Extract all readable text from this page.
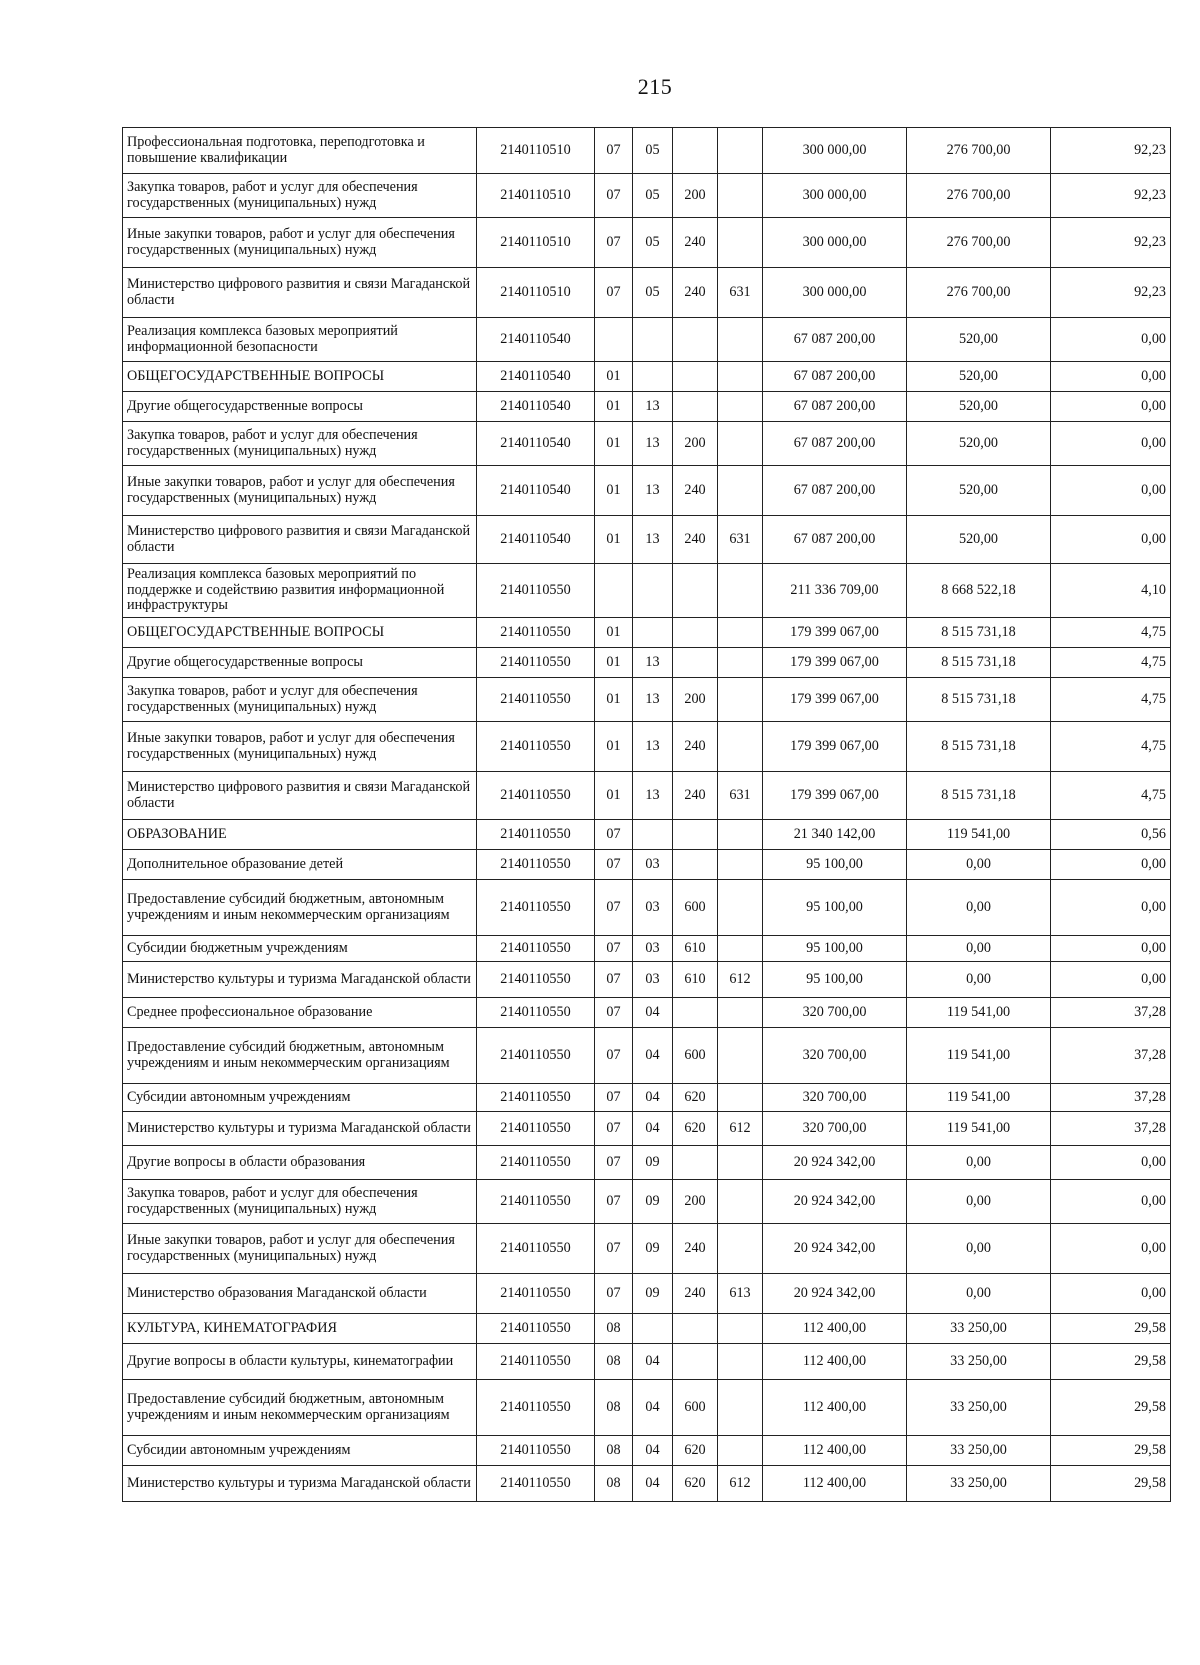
215
Профессиональная подготовка, переподготовка и повышение квалификации	2140110510	07	05			300 000,00	276 700,00	92,23
Закупка товаров, работ и услуг для обеспечения государственных (муниципальных) нужд	2140110510	07	05	200		300 000,00	276 700,00	92,23
Иные закупки товаров, работ и услуг для обеспечения государственных (муниципальных) нужд	2140110510	07	05	240		300 000,00	276 700,00	92,23
Министерство цифрового развития и связи Магаданской области	2140110510	07	05	240	631	300 000,00	276 700,00	92,23
Реализация комплекса базовых мероприятий информационной безопасности	2140110540					67 087 200,00	520,00	0,00
ОБЩЕГОСУДАРСТВЕННЫЕ ВОПРОСЫ	2140110540	01				67 087 200,00	520,00	0,00
Другие общегосударственные вопросы	2140110540	01	13			67 087 200,00	520,00	0,00
Закупка товаров, работ и услуг для обеспечения государственных (муниципальных) нужд	2140110540	01	13	200		67 087 200,00	520,00	0,00
Иные закупки товаров, работ и услуг для обеспечения государственных (муниципальных) нужд	2140110540	01	13	240		67 087 200,00	520,00	0,00
Министерство цифрового развития и связи Магаданской области	2140110540	01	13	240	631	67 087 200,00	520,00	0,00
Реализация комплекса базовых мероприятий по поддержке и содействию развития информационной инфраструктуры	2140110550					211 336 709,00	8 668 522,18	4,10
ОБЩЕГОСУДАРСТВЕННЫЕ ВОПРОСЫ	2140110550	01				179 399 067,00	8 515 731,18	4,75
Другие общегосударственные вопросы	2140110550	01	13			179 399 067,00	8 515 731,18	4,75
Закупка товаров, работ и услуг для обеспечения государственных (муниципальных) нужд	2140110550	01	13	200		179 399 067,00	8 515 731,18	4,75
Иные закупки товаров, работ и услуг для обеспечения государственных (муниципальных) нужд	2140110550	01	13	240		179 399 067,00	8 515 731,18	4,75
Министерство цифрового развития и связи Магаданской области	2140110550	01	13	240	631	179 399 067,00	8 515 731,18	4,75
ОБРАЗОВАНИЕ	2140110550	07				21 340 142,00	119 541,00	0,56
Дополнительное образование детей	2140110550	07	03			95 100,00	0,00	0,00
Предоставление субсидий бюджетным, автономным учреждениям и иным некоммерческим организациям	2140110550	07	03	600		95 100,00	0,00	0,00
Субсидии бюджетным учреждениям	2140110550	07	03	610		95 100,00	0,00	0,00
Министерство культуры и туризма Магаданской области	2140110550	07	03	610	612	95 100,00	0,00	0,00
Среднее профессиональное образование	2140110550	07	04			320 700,00	119 541,00	37,28
Предоставление субсидий бюджетным, автономным учреждениям и иным некоммерческим организациям	2140110550	07	04	600		320 700,00	119 541,00	37,28
Субсидии автономным учреждениям	2140110550	07	04	620		320 700,00	119 541,00	37,28
Министерство культуры и туризма Магаданской области	2140110550	07	04	620	612	320 700,00	119 541,00	37,28
Другие вопросы в области образования	2140110550	07	09			20 924 342,00	0,00	0,00
Закупка товаров, работ и услуг для обеспечения государственных (муниципальных) нужд	2140110550	07	09	200		20 924 342,00	0,00	0,00
Иные закупки товаров, работ и услуг для обеспечения государственных (муниципальных) нужд	2140110550	07	09	240		20 924 342,00	0,00	0,00
Министерство образования Магаданской области	2140110550	07	09	240	613	20 924 342,00	0,00	0,00
КУЛЬТУРА, КИНЕМАТОГРАФИЯ	2140110550	08				112 400,00	33 250,00	29,58
Другие вопросы в области культуры, кинематографии	2140110550	08	04			112 400,00	33 250,00	29,58
Предоставление субсидий бюджетным, автономным учреждениям и иным некоммерческим организациям	2140110550	08	04	600		112 400,00	33 250,00	29,58
Субсидии автономным учреждениям	2140110550	08	04	620		112 400,00	33 250,00	29,58
Министерство культуры и туризма Магаданской области	2140110550	08	04	620	612	112 400,00	33 250,00	29,58
